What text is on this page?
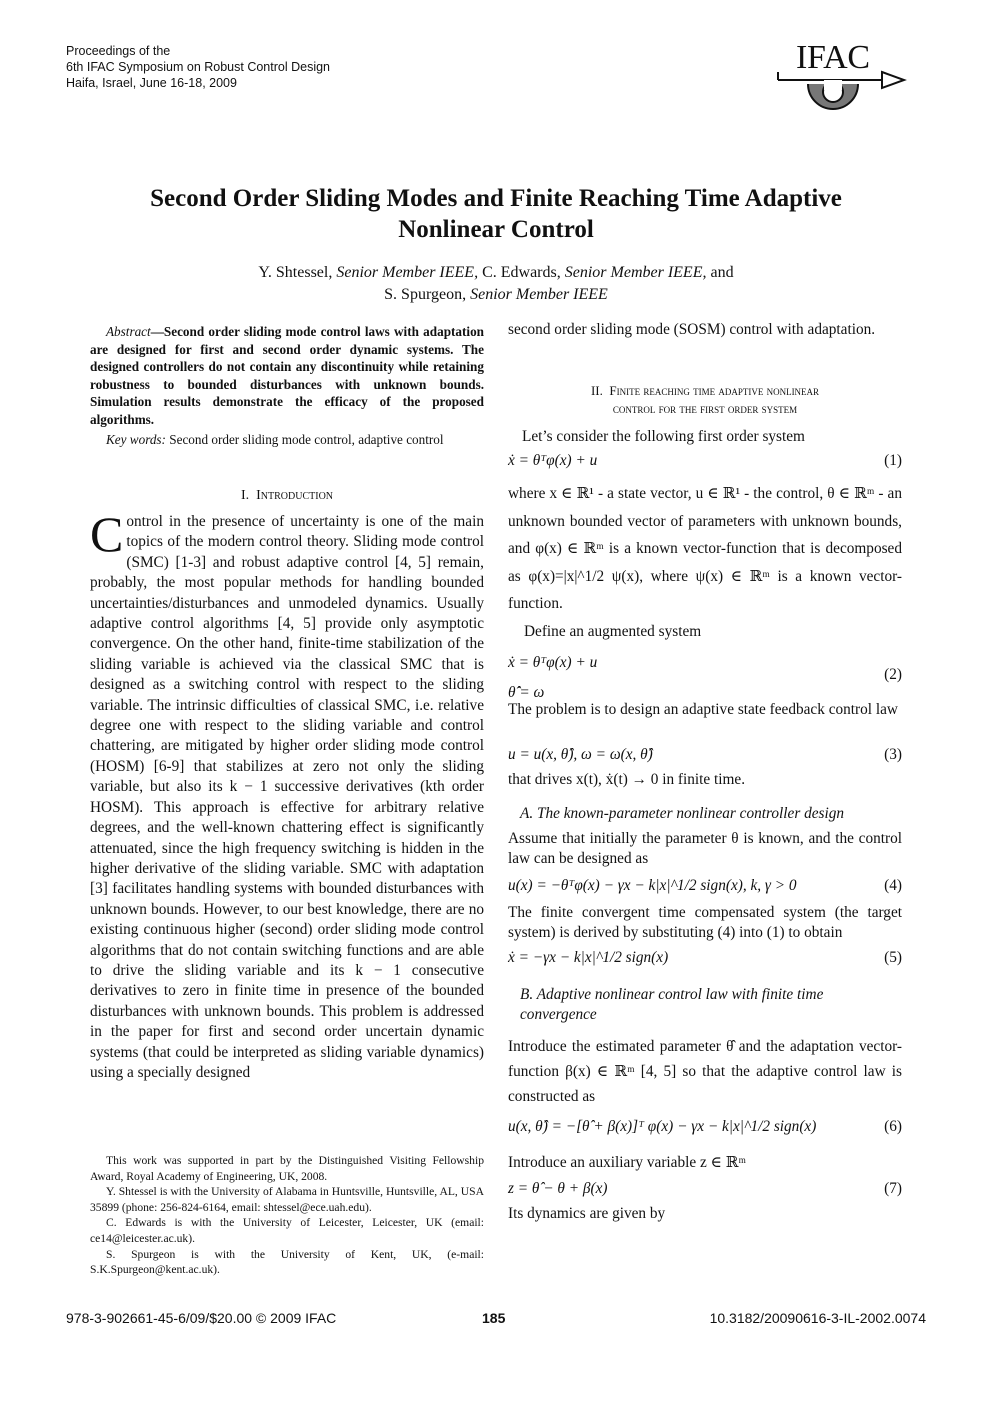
Proceedings of the
6th IFAC Symposium on Robust Control Design
Haifa, Israel, June 16-18, 2009
IFAC
Second Order Sliding Modes and Finite Reaching Time Adaptive
Nonlinear Control
Y. Shtessel, Senior Member IEEE, C. Edwards, Senior Member IEEE, and
S. Spurgeon, Senior Member IEEE
Abstract—Second order sliding mode control laws with adaptation are designed for first and second order dynamic systems. The designed controllers do not contain any discontinuity while retaining robustness to bounded disturbances with unknown bounds. Simulation results demonstrate the efficacy of the proposed algorithms.
Key words: Second order sliding mode control, adaptive control
I. Introduction
Control in the presence of uncertainty is one of the main topics of the modern control theory. Sliding mode control (SMC) [1-3] and robust adaptive control [4, 5] remain, probably, the most popular methods for handling bounded uncertainties/disturbances and unmodeled dynamics. Usually adaptive control algorithms [4, 5] provide only asymptotic convergence. On the other hand, finite-time stabilization of the sliding variable is achieved via the classical SMC that is designed as a switching control with respect to the sliding variable. The intrinsic difficulties of classical SMC, i.e. relative degree one with respect to the sliding variable and control chattering, are mitigated by higher order sliding mode control (HOSM) [6-9] that stabilizes at zero not only the sliding variable, but also its k − 1 successive derivatives (kth order HOSM). This approach is effective for arbitrary relative degrees, and the well-known chattering effect is significantly attenuated, since the high frequency switching is hidden in the higher derivative of the sliding variable. SMC with adaptation [3] facilitates handling systems with bounded disturbances with unknown bounds. However, to our best knowledge, there are no existing continuous higher (second) order sliding mode control algorithms that do not contain switching functions and are able to drive the sliding variable and its k − 1 consecutive derivatives to zero in finite time in presence of the bounded disturbances with unknown bounds. This problem is addressed in the paper for first and second order uncertain dynamic systems (that could be interpreted as sliding variable dynamics) using a specially designed

This work was supported in part by the Distinguished Visiting Fellowship Award, Royal Academy of Engineering, UK, 2008.

Y. Shtessel is with the University of Alabama in Huntsville, Huntsville, AL, USA 35899 (phone: 256-824-6164, email: shtessel@ece.uah.edu).

C. Edwards is with the University of Leicester, Leicester, UK (email: ce14@leicester.ac.uk).

S. Spurgeon is with the University of Kent, UK, (e-mail: S.K.Spurgeon@kent.ac.uk).

second order sliding mode (SOSM) control with adaptation.
II. Finite reaching time adaptive nonlinear
control for the first order system
Let’s consider the following first order system
ẋ = θᵀφ(x) + u	(1)
where x ∈ ℝ¹ - a state vector, u ∈ ℝ¹ - the control, θ ∈ ℝᵐ - an unknown bounded vector of parameters with unknown bounds, and φ(x) ∈ ℝᵐ is a known vector-function that is decomposed as φ(x)=|x|^1/2 ψ(x), where ψ(x) ∈ ℝᵐ is a known vector-function.
Define an augmented system
ẋ = θᵀφ(x) + u
θ̂̇ = ω
(2)
The problem is to design an adaptive state feedback control law
u = u(x, θ̂), ω = ω(x, θ̂)	(3)
that drives x(t), ẋ(t) → 0 in finite time.
A. The known-parameter nonlinear controller design
Assume that initially the parameter θ is known, and the control law can be designed as
u(x) = −θᵀφ(x) − γx − k|x|^1/2 sign(x), k, γ > 0	(4)
The finite convergent time compensated system (the target system) is derived by substituting (4) into (1) to obtain
ẋ = −γx − k|x|^1/2 sign(x)	(5)
B. Adaptive nonlinear control law with finite time
convergence
Introduce the estimated parameter θ̂ and the adaptation vector-function β(x) ∈ ℝᵐ [4, 5] so that the adaptive control law is constructed as
u(x, θ̂) = −[θ̂ + β(x)]ᵀ φ(x) − γx − k|x|^1/2 sign(x)	(6)
Introduce an auxiliary variable z ∈ ℝᵐ
z = θ̂ − θ + β(x)	(7)
Its dynamics are given by
978-3-902661-45-6/09/$20.00 © 2009 IFAC	185	10.3182/20090616-3-IL-2002.0074
